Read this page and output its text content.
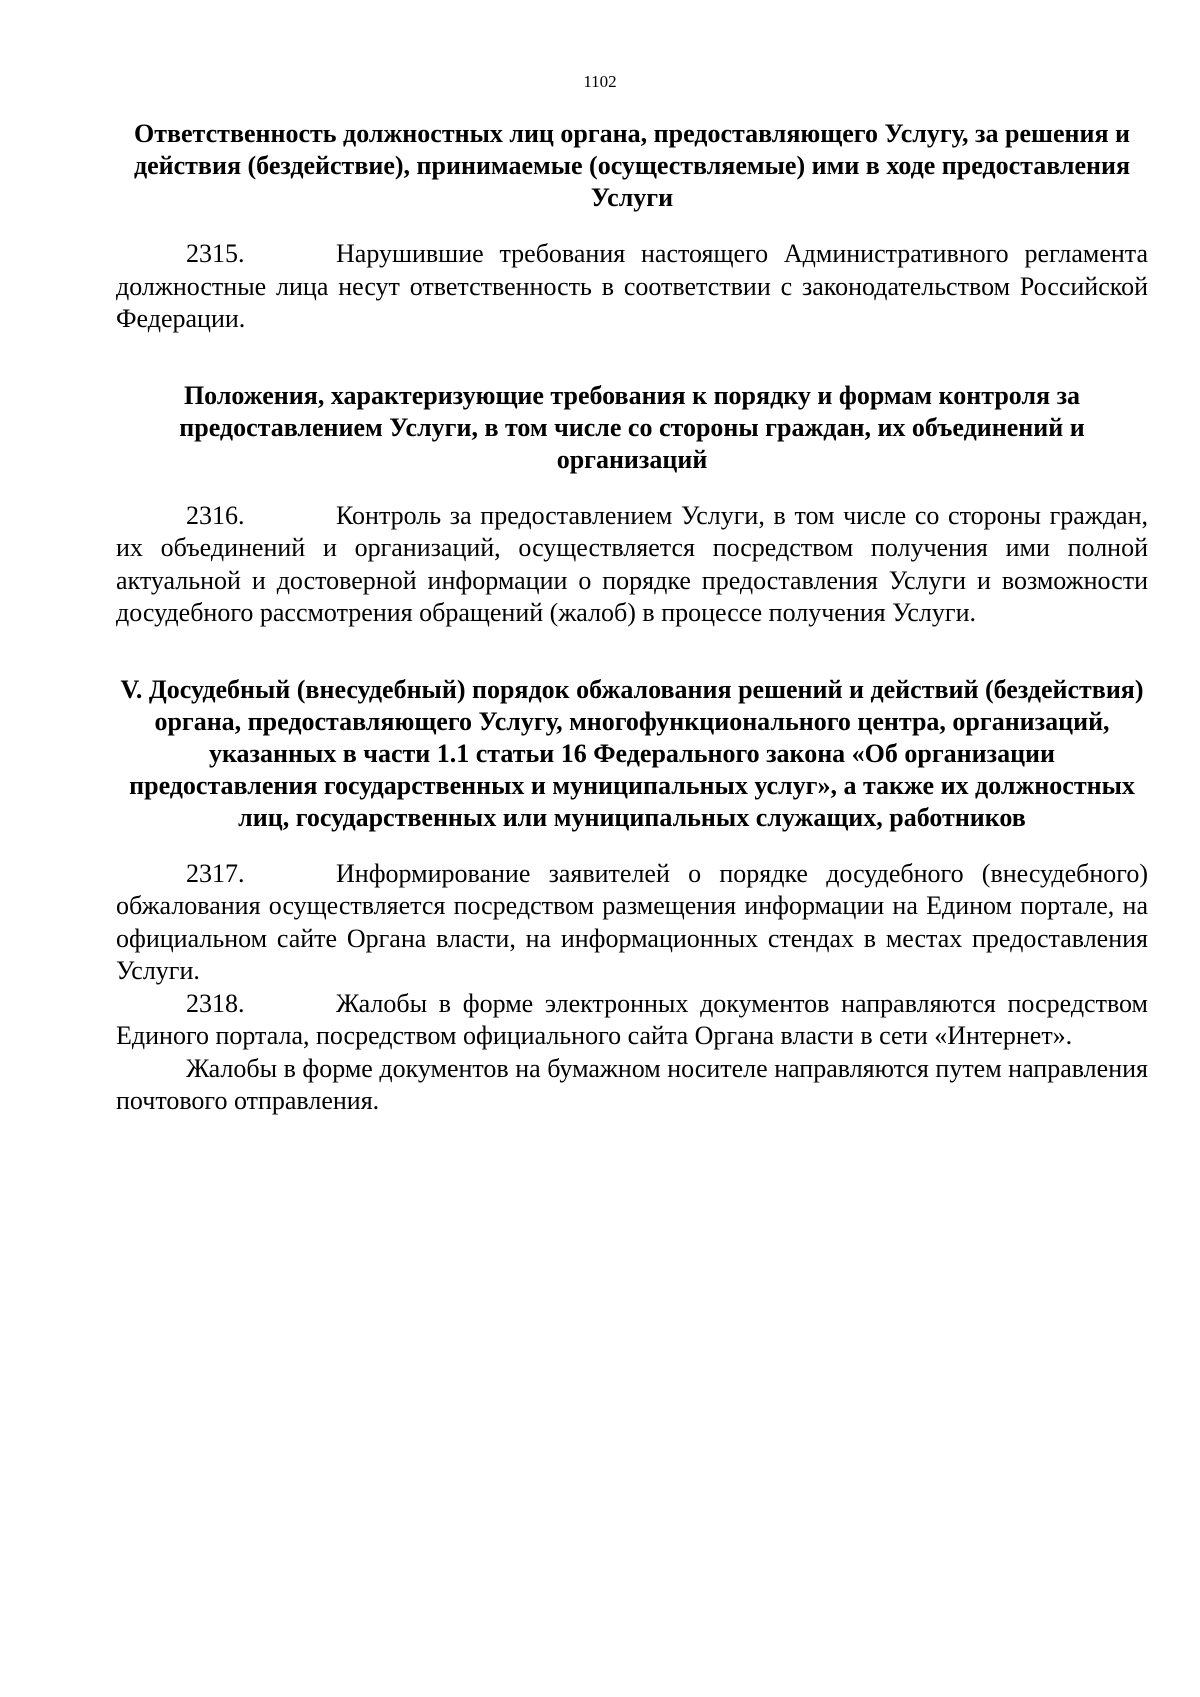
1102
Ответственность должностных лиц органа, предоставляющего Услугу, за решения и действия (бездействие), принимаемые (осуществляемые) ими в ходе предоставления Услуги

2315.	Нарушившие требования настоящего Административного регламента должностные лица несут ответственность в соответствии с законодательством Российской Федерации.

Положения, характеризующие требования к порядку и формам контроля за предоставлением Услуги, в том числе со стороны граждан, их объединений и организаций

2316.	Контроль за предоставлением Услуги, в том числе со стороны граждан, их объединений и организаций, осуществляется посредством получения ими полной актуальной и достоверной информации о порядке предоставления Услуги и возможности досудебного рассмотрения обращений (жалоб) в процессе получения Услуги.

V. Досудебный (внесудебный) порядок обжалования решений и действий (бездействия) органа, предоставляющего Услугу, многофункционального центра, организаций, указанных в части 1.1 статьи 16 Федерального закона «Об организации предоставления государственных и муниципальных услуг», а также их должностных лиц, государственных или муниципальных служащих, работников

2317.	Информирование заявителей о порядке досудебного (внесудебного) обжалования осуществляется посредством размещения информации на Едином портале, на официальном сайте Органа власти, на информационных стендах в местах предоставления Услуги.

2318.	Жалобы в форме электронных документов направляются посредством Единого портала, посредством официального сайта Органа власти в сети «Интернет».

Жалобы в форме документов на бумажном носителе направляются путем направления почтового отправления.
